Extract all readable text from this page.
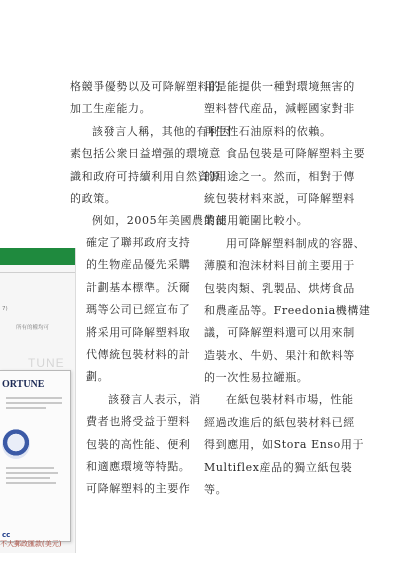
7)
所有的權均可
TUNE
ORTUNE
不大郵政匯款(美元)
cc
格競爭優勢以及可降解塑料的
加工生産能力。
該發言人稱，其他的有利因
素包括公衆日益增强的環境意
識和政府可持續利用自然資源
的政策。
例如，2005年美國農業部
確定了聯邦政府支持
的生物産品優先采購
計劃基本標準。沃爾
瑪等公司已經宣布了
將采用可降解塑料取
代傳統包裝材料的計
劃。
該發言人表示，消
費者也將受益于塑料
包裝的高性能、便利
和適應環境等特點。
可降解塑料的主要作
用是能提供一種對環境無害的
塑料替代産品，減輕國家對非
再生性石油原料的依賴。
食品包裝是可降解塑料主要
的用途之一。然而，相對于傳
統包裝材料來説，可降解塑料
的使用範圍比較小。
用可降解塑料制成的容器、
薄膜和泡沫材料目前主要用于
包裝肉類、乳製品、烘烤食品
和農產品等。Freedonia機構建
議，可降解塑料還可以用來制
造裝水、牛奶、果汁和飲料等
的一次性易拉罐瓶。
在紙包裝材料市場，性能
經過改進后的紙包裝材料已經
得到應用，如Stora Enso用于
Multiflex産品的獨立紙包裝
等。
